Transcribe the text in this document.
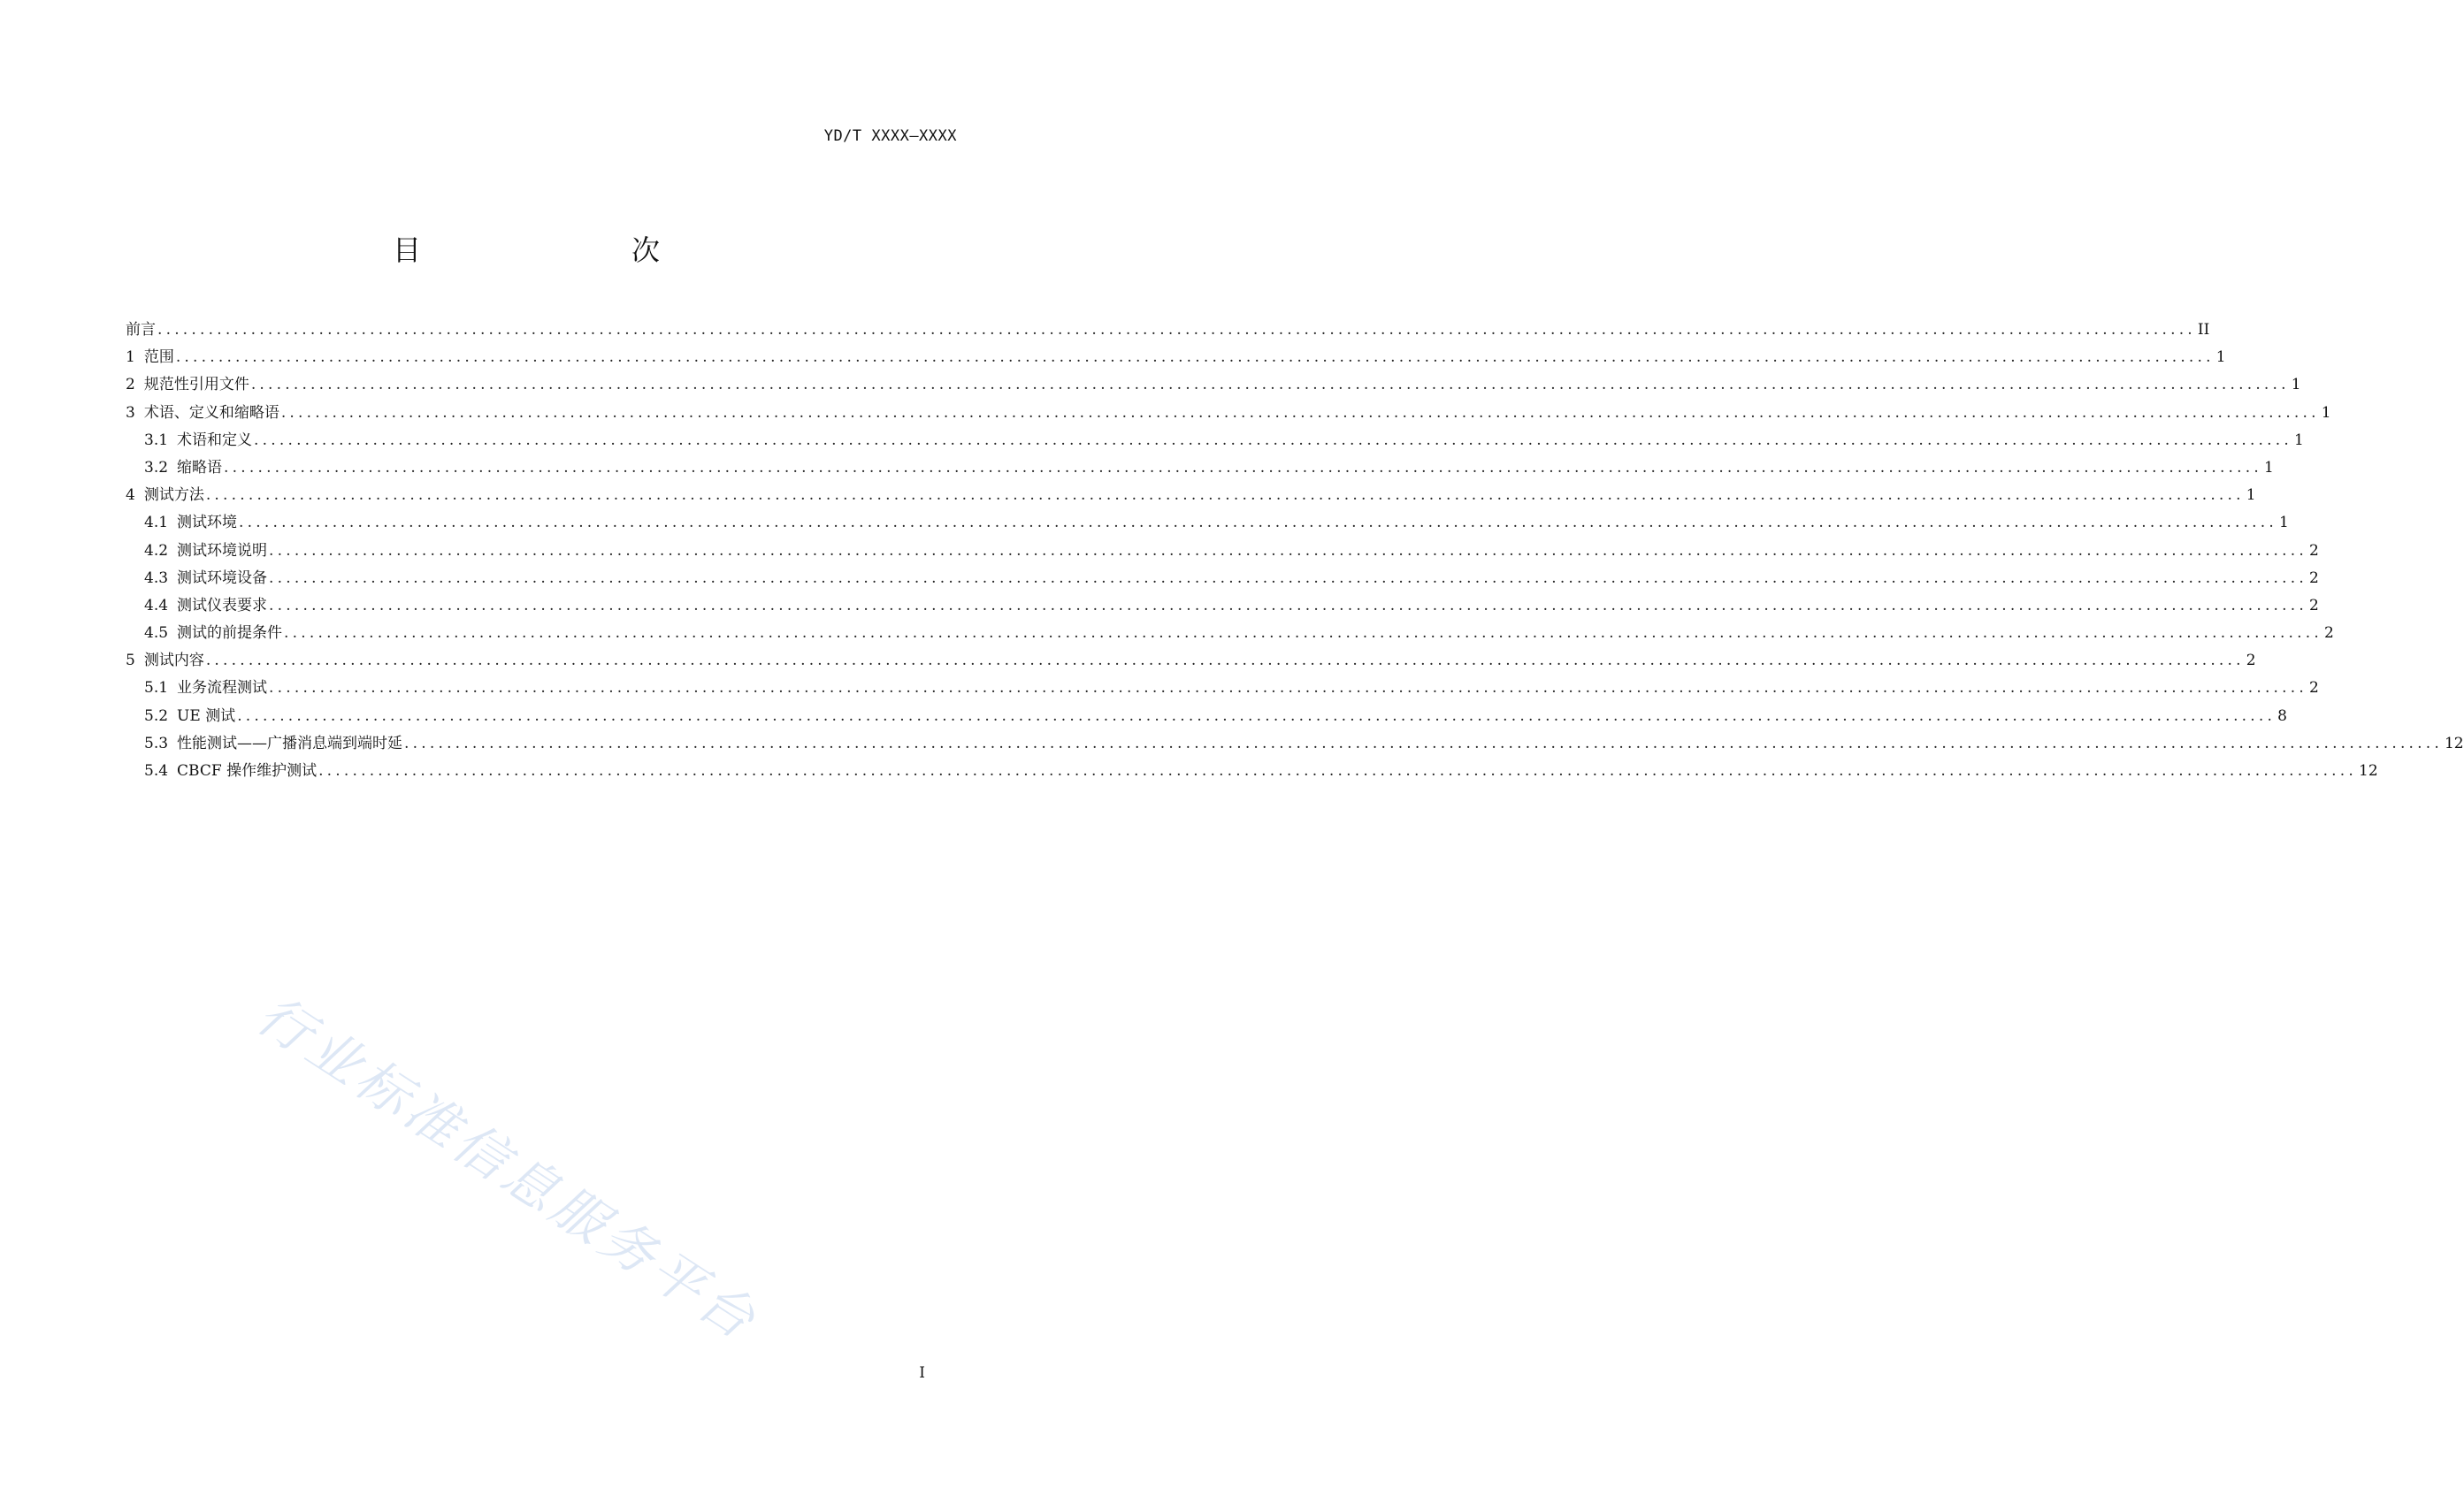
YD/T XXXX—XXXX
目　　次
前言 ................................................................................................................................................................................................................................................ II
1 范围 ................................................................................................................................................................................................................................................ 1
2 规范性引用文件 ................................................................................................................................................................................................................................................ 1
3 术语、定义和缩略语 ................................................................................................................................................................................................................................................ 1
3.1 术语和定义 ................................................................................................................................................................................................................................................ 1
3.2 缩略语 ................................................................................................................................................................................................................................................ 1
4 测试方法 ................................................................................................................................................................................................................................................ 1
4.1 测试环境 ................................................................................................................................................................................................................................................ 1
4.2 测试环境说明 ................................................................................................................................................................................................................................................ 2
4.3 测试环境设备 ................................................................................................................................................................................................................................................ 2
4.4 测试仪表要求 ................................................................................................................................................................................................................................................ 2
4.5 测试的前提条件 ................................................................................................................................................................................................................................................ 2
5 测试内容 ................................................................................................................................................................................................................................................ 2
5.1 业务流程测试 ................................................................................................................................................................................................................................................ 2
5.2 UE 测试 ................................................................................................................................................................................................................................................ 8
5.3 性能测试——广播消息端到端时延 ................................................................................................................................................................................................................................................ 12
5.4 CBCF 操作维护测试 ................................................................................................................................................................................................................................................ 12
行业标准信息服务平台
I
